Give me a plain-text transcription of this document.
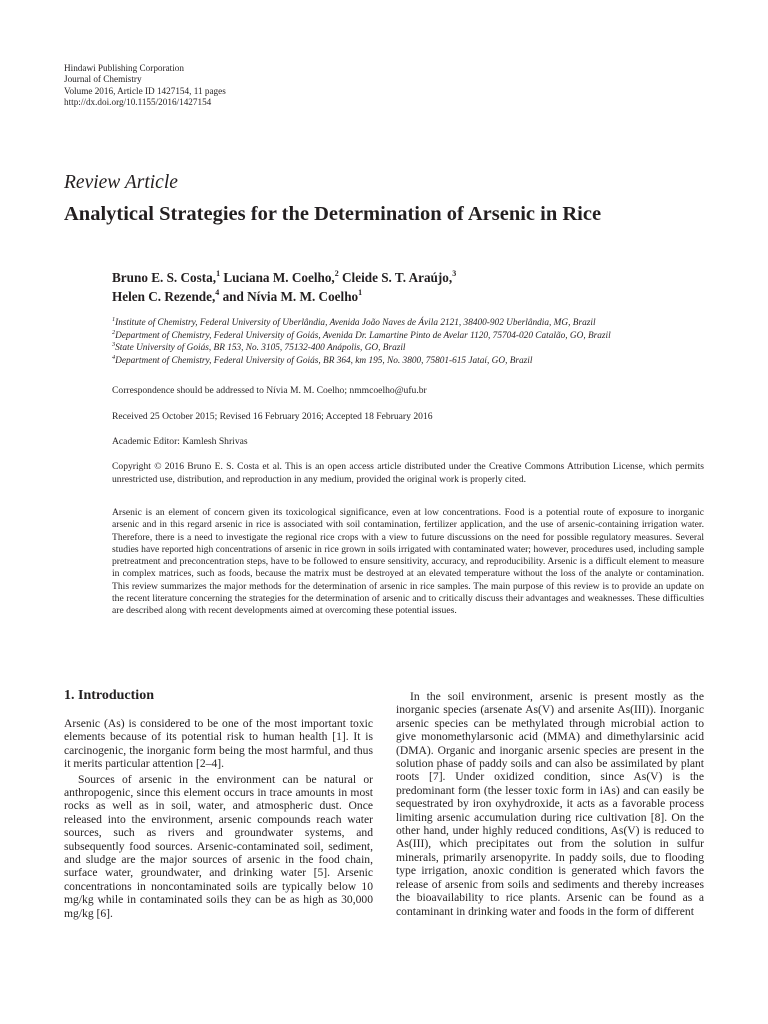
Hindawi Publishing Corporation
Journal of Chemistry
Volume 2016, Article ID 1427154, 11 pages
http://dx.doi.org/10.1155/2016/1427154
Review Article
Analytical Strategies for the Determination of Arsenic in Rice
Bruno E. S. Costa,$^1$ Luciana M. Coelho,$^2$ Cleide S. T. Araújo,$^3$
Helen C. Rezende,$^4$ and Nívia M. M. Coelho$^1$
$^1$Institute of Chemistry, Federal University of Uberlândia, Avenida João Naves de Ávila 2121, 38400-902 Uberlândia, MG, Brazil
$^2$Department of Chemistry, Federal University of Goiás, Avenida Dr. Lamartine Pinto de Avelar 1120, 75704-020 Catalão, GO, Brazil
$^3$State University of Goiás, BR 153, No. 3105, 75132-400 Anápolis, GO, Brazil
$^4$Department of Chemistry, Federal University of Goiás, BR 364, km 195, No. 3800, 75801-615 Jataí, GO, Brazil
Correspondence should be addressed to Nívia M. M. Coelho; nmmcoelho@ufu.br
Received 25 October 2015; Revised 16 February 2016; Accepted 18 February 2016
Academic Editor: Kamlesh Shrivas
Copyright © 2016 Bruno E. S. Costa et al. This is an open access article distributed under the Creative Commons Attribution License, which permits unrestricted use, distribution, and reproduction in any medium, provided the original work is properly cited.
Arsenic is an element of concern given its toxicological significance, even at low concentrations. Food is a potential route of exposure to inorganic arsenic and in this regard arsenic in rice is associated with soil contamination, fertilizer application, and the use of arsenic-containing irrigation water. Therefore, there is a need to investigate the regional rice crops with a view to future discussions on the need for possible regulatory measures. Several studies have reported high concentrations of arsenic in rice grown in soils irrigated with contaminated water; however, procedures used, including sample pretreatment and preconcentration steps, have to be followed to ensure sensitivity, accuracy, and reproducibility. Arsenic is a difficult element to measure in complex matrices, such as foods, because the matrix must be destroyed at an elevated temperature without the loss of the analyte or contamination. This review summarizes the major methods for the determination of arsenic in rice samples. The main purpose of this review is to provide an update on the recent literature concerning the strategies for the determination of arsenic and to critically discuss their advantages and weaknesses. These difficulties are described along with recent developments aimed at overcoming these potential issues.
1. Introduction

Arsenic (As) is considered to be one of the most important toxic elements because of its potential risk to human health [1]. It is carcinogenic, the inorganic form being the most harmful, and thus it merits particular attention [2–4].

Sources of arsenic in the environment can be natural or anthropogenic, since this element occurs in trace amounts in most rocks as well as in soil, water, and atmospheric dust. Once released into the environment, arsenic compounds reach water sources, such as rivers and groundwater systems, and subsequently food sources. Arsenic-contaminated soil, sediment, and sludge are the major sources of arsenic in the food chain, surface water, groundwater, and drinking water [5]. Arsenic concentrations in noncontaminated soils are typically below 10 mg/kg while in contaminated soils they can be as high as 30,000 mg/kg [6].

In the soil environment, arsenic is present mostly as the inorganic species (arsenate As(V) and arsenite As(III)). Inorganic arsenic species can be methylated through microbial action to give monomethylarsonic acid (MMA) and dimethylarsinic acid (DMA). Organic and inorganic arsenic species are present in the solution phase of paddy soils and can also be assimilated by plant roots [7]. Under oxidized condition, since As(V) is the predominant form (the lesser toxic form in iAs) and can easily be sequestrated by iron oxyhydroxide, it acts as a favorable process limiting arsenic accumulation during rice cultivation [8]. On the other hand, under highly reduced conditions, As(V) is reduced to As(III), which precipitates out from the solution in sulfur minerals, primarily arsenopyrite. In paddy soils, due to flooding type irrigation, anoxic condition is generated which favors the release of arsenic from soils and sediments and thereby increases the bioavailability to rice plants. Arsenic can be found as a contaminant in drinking water and foods in the form of different
